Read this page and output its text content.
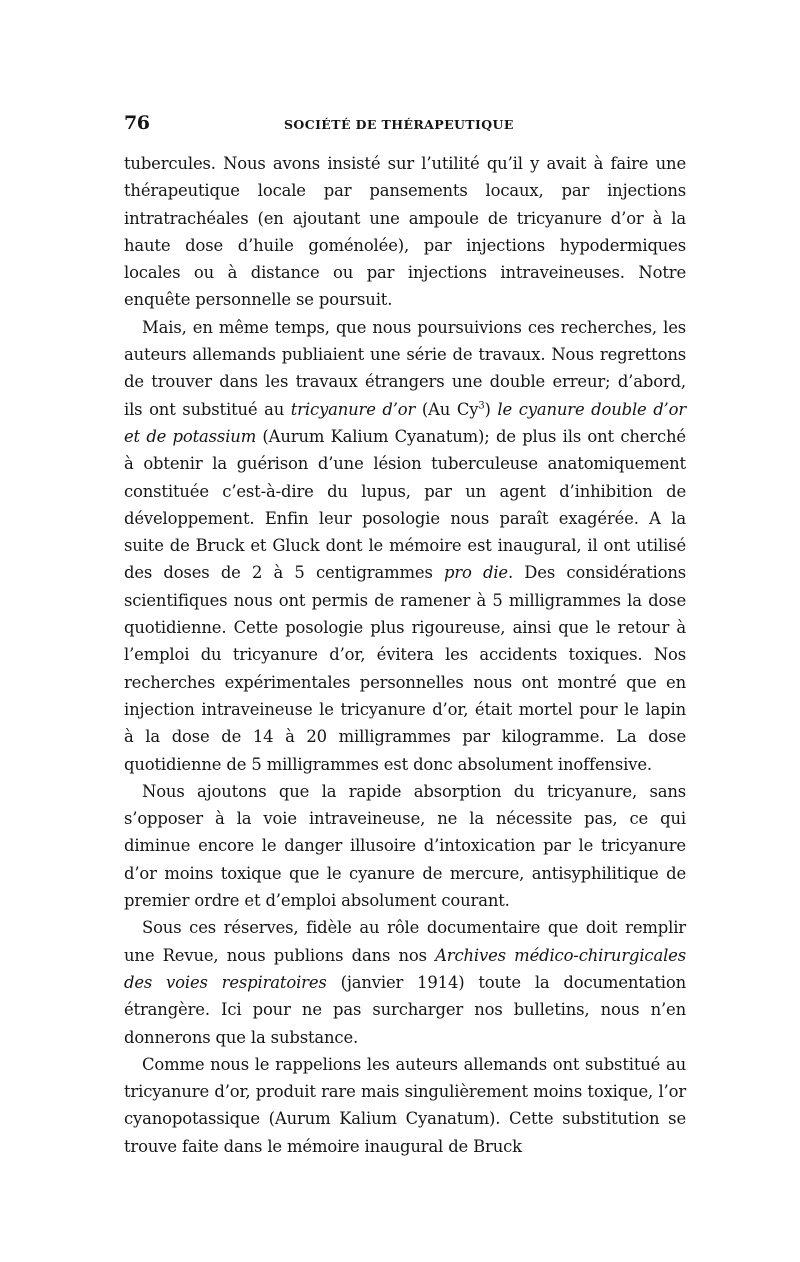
76	SOCIÉTÉ DE THÉRAPEUTIQUE

tubercules. Nous avons insisté sur l’utilité qu’il y avait à faire une thérapeutique locale par pansements locaux, par injections intratrachéales (en ajoutant une ampoule de tricyanure d’or à la haute dose d’huile goménolée), par injections hypodermiques locales ou à distance ou par injections intraveineuses. Notre enquête personnelle se poursuit.

Mais, en même temps, que nous poursuivions ces recherches, les auteurs allemands publiaient une série de travaux. Nous regrettons de trouver dans les travaux étrangers une double erreur; d’abord, ils ont substitué au tricyanure d’or (Au Cy$^3$) le cyanure double d’or et de potassium (Aurum Kalium Cyanatum); de plus ils ont cherché à obtenir la guérison d’une lésion tuberculeuse anatomiquement constituée c’est-à-dire du lupus, par un agent d’inhibition de développement. Enfin leur posologie nous paraît exagérée. A la suite de Bruck et Gluck dont le mémoire est inaugural, il ont utilisé des doses de 2 à 5 centigrammes pro die. Des considérations scientifiques nous ont permis de ramener à 5 milligrammes la dose quotidienne. Cette posologie plus rigoureuse, ainsi que le retour à l’emploi du tricyanure d’or, évitera les accidents toxiques. Nos recherches expérimentales personnelles nous ont montré que en injection intraveineuse le tricyanure d’or, était mortel pour le lapin à la dose de 14 à 20 milligrammes par kilogramme. La dose quotidienne de 5 milligrammes est donc absolument inoffensive.

Nous ajoutons que la rapide absorption du tricyanure, sans s’opposer à la voie intraveineuse, ne la nécessite pas, ce qui diminue encore le danger illusoire d’intoxication par le tricyanure d’or moins toxique que le cyanure de mercure, antisyphilitique de premier ordre et d’emploi absolument courant.

Sous ces réserves, fidèle au rôle documentaire que doit remplir une Revue, nous publions dans nos Archives médico-chirurgicales des voies respiratoires (janvier 1914) toute la documentation étrangère. Ici pour ne pas surcharger nos bulletins, nous n’en donnerons que la substance.

Comme nous le rappelions les auteurs allemands ont substitué au tricyanure d’or, produit rare mais singulièrement moins toxique, l’or cyanopotassique (Aurum Kalium Cyanatum). Cette substitution se trouve faite dans le mémoire inaugural de Bruck
